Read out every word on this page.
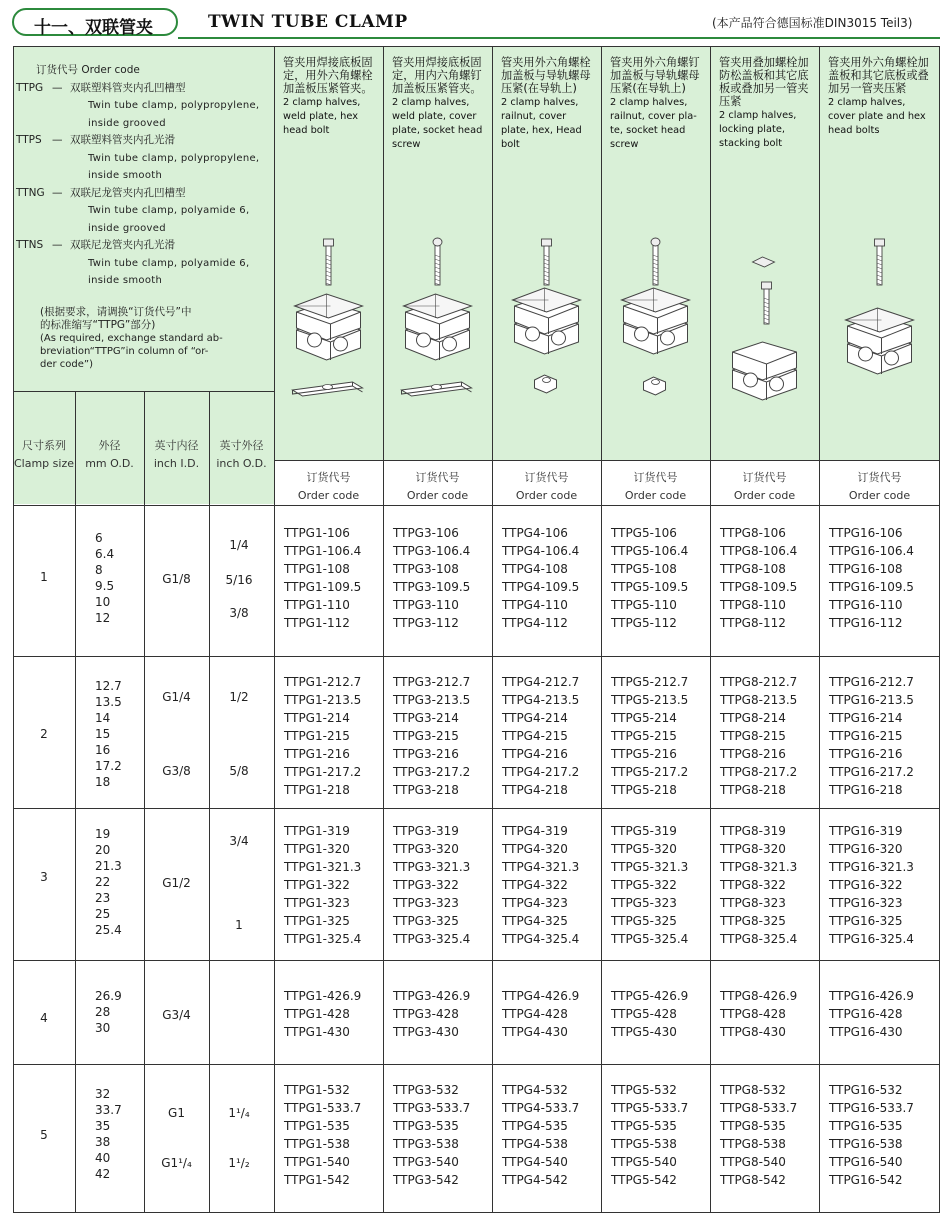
十一、双联管夹	TWIN TUBE CLAMP	(本产品符合德国标准DIN3015 Teil3)
订货代号 Order code
TTPG — 双联塑料管夹内孔凹槽型
Twin tube clamp, polypropylene,
inside grooved
TTPS — 双联塑料管夹内孔光滑
Twin tube clamp, polypropylene,
inside smooth
TTNG — 双联尼龙管夹内孔凹槽型
Twin tube clamp, polyamide 6,
inside grooved
TTNS — 双联尼龙管夹内孔光滑
Twin tube clamp, polyamide 6,
inside smooth
(根据要求，请调换“订货代号”中
的标准缩写“TTPG”部分)
(As required, exchange standard ab-
breviation“TTPG”in column of “or-
der code”)
尺寸系列
Clamp size
外径
mm O.D.
英寸内径
inch I.D.
英寸外径
inch O.D.
管夹用焊接底板固定，用外六角螺栓加盖板压紧管夹。
2 clamp halves, weld plate, hex head bolt
订货代号
Order code
管夹用焊接底板固定，用内六角螺钉加盖板压紧管夹。
2 clamp halves, weld plate, cover plate, socket head screw
订货代号
Order code
管夹用外六角螺栓加盖板与导轨螺母压紧(在导轨上)
2 clamp halves, railnut, cover plate, hex, Head bolt
订货代号
Order code
管夹用外六角螺钉加盖板与导轨螺母压紧(在导轨上)
2 clamp halves, railnut, cover pla-te, socket head screw
订货代号
Order code
管夹用叠加螺栓加防松盖板和其它底板或叠加另一管夹压紧
2 clamp halves, locking plate, stacking bolt
订货代号
Order code
管夹用外六角螺栓加盖板和其它底板或叠加另一管夹压紧
2 clamp halves, cover plate and hex head bolts
订货代号
Order code
1
6
6.4
8
9.5
10
12
G1/8
1/4
5/16
3/8
TTPG1-106
TTPG1-106.4
TTPG1-108
TTPG1-109.5
TTPG1-110
TTPG1-112
TTPG3-106
TTPG3-106.4
TTPG3-108
TTPG3-109.5
TTPG3-110
TTPG3-112
TTPG4-106
TTPG4-106.4
TTPG4-108
TTPG4-109.5
TTPG4-110
TTPG4-112
TTPG5-106
TTPG5-106.4
TTPG5-108
TTPG5-109.5
TTPG5-110
TTPG5-112
TTPG8-106
TTPG8-106.4
TTPG8-108
TTPG8-109.5
TTPG8-110
TTPG8-112
TTPG16-106
TTPG16-106.4
TTPG16-108
TTPG16-109.5
TTPG16-110
TTPG16-112
2
12.7
13.5
14
15
16
17.2
18
G1/4
G3/8
1/2
5/8
TTPG1-212.7
TTPG1-213.5
TTPG1-214
TTPG1-215
TTPG1-216
TTPG1-217.2
TTPG1-218
TTPG3-212.7
TTPG3-213.5
TTPG3-214
TTPG3-215
TTPG3-216
TTPG3-217.2
TTPG3-218
TTPG4-212.7
TTPG4-213.5
TTPG4-214
TTPG4-215
TTPG4-216
TTPG4-217.2
TTPG4-218
TTPG5-212.7
TTPG5-213.5
TTPG5-214
TTPG5-215
TTPG5-216
TTPG5-217.2
TTPG5-218
TTPG8-212.7
TTPG8-213.5
TTPG8-214
TTPG8-215
TTPG8-216
TTPG8-217.2
TTPG8-218
TTPG16-212.7
TTPG16-213.5
TTPG16-214
TTPG16-215
TTPG16-216
TTPG16-217.2
TTPG16-218
3
19
20
21.3
22
23
25
25.4
G1/2
3/4
1
TTPG1-319
TTPG1-320
TTPG1-321.3
TTPG1-322
TTPG1-323
TTPG1-325
TTPG1-325.4
TTPG3-319
TTPG3-320
TTPG3-321.3
TTPG3-322
TTPG3-323
TTPG3-325
TTPG3-325.4
TTPG4-319
TTPG4-320
TTPG4-321.3
TTPG4-322
TTPG4-323
TTPG4-325
TTPG4-325.4
TTPG5-319
TTPG5-320
TTPG5-321.3
TTPG5-322
TTPG5-323
TTPG5-325
TTPG5-325.4
TTPG8-319
TTPG8-320
TTPG8-321.3
TTPG8-322
TTPG8-323
TTPG8-325
TTPG8-325.4
TTPG16-319
TTPG16-320
TTPG16-321.3
TTPG16-322
TTPG16-323
TTPG16-325
TTPG16-325.4
4
26.9
28
30
G3/4
TTPG1-426.9
TTPG1-428
TTPG1-430
TTPG3-426.9
TTPG3-428
TTPG3-430
TTPG4-426.9
TTPG4-428
TTPG4-430
TTPG5-426.9
TTPG5-428
TTPG5-430
TTPG8-426.9
TTPG8-428
TTPG8-430
TTPG16-426.9
TTPG16-428
TTPG16-430
5
32
33.7
35
38
40
42
G1
G1¹/₄
1¹/₄
1¹/₂
TTPG1-532
TTPG1-533.7
TTPG1-535
TTPG1-538
TTPG1-540
TTPG1-542
TTPG3-532
TTPG3-533.7
TTPG3-535
TTPG3-538
TTPG3-540
TTPG3-542
TTPG4-532
TTPG4-533.7
TTPG4-535
TTPG4-538
TTPG4-540
TTPG4-542
TTPG5-532
TTPG5-533.7
TTPG5-535
TTPG5-538
TTPG5-540
TTPG5-542
TTPG8-532
TTPG8-533.7
TTPG8-535
TTPG8-538
TTPG8-540
TTPG8-542
TTPG16-532
TTPG16-533.7
TTPG16-535
TTPG16-538
TTPG16-540
TTPG16-542
